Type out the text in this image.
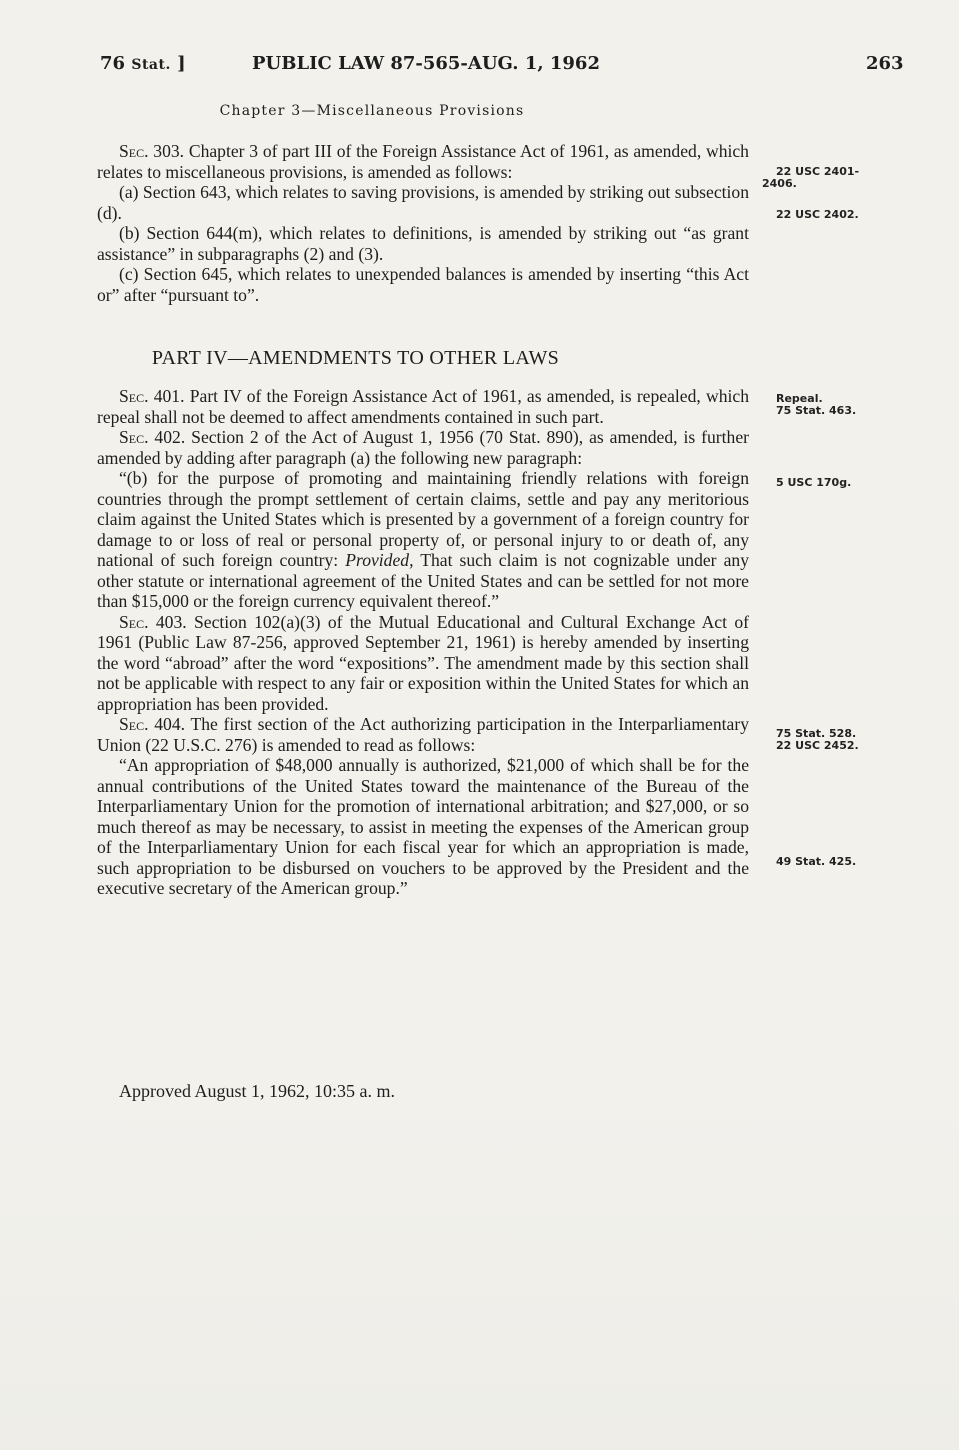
76 Stat. ]	PUBLIC LAW 87-565-AUG. 1, 1962	263
Chapter 3—Miscellaneous Provisions

Sec. 303. Chapter 3 of part III of the Foreign Assistance Act of 1961, as amended, which relates to miscellaneous provisions, is amended as follows:

(a) Section 643, which relates to saving provisions, is amended by striking out subsection (d).

(b) Section 644(m), which relates to definitions, is amended by striking out “as grant assistance” in subparagraphs (2) and (3).

(c) Section 645, which relates to unexpended balances is amended by inserting “this Act or” after “pursuant to”.

PART IV—AMENDMENTS TO OTHER LAWS

Sec. 401. Part IV of the Foreign Assistance Act of 1961, as amended, is repealed, which repeal shall not be deemed to affect amendments contained in such part.

Sec. 402. Section 2 of the Act of August 1, 1956 (70 Stat. 890), as amended, is further amended by adding after paragraph (a) the following new paragraph:

“(b) for the purpose of promoting and maintaining friendly relations with foreign countries through the prompt settlement of certain claims, settle and pay any meritorious claim against the United States which is presented by a government of a foreign country for damage to or loss of real or personal property of, or personal injury to or death of, any national of such foreign country: Provided, That such claim is not cognizable under any other statute or international agreement of the United States and can be settled for not more than $15,000 or the foreign currency equivalent thereof.”

Sec. 403. Section 102(a)(3) of the Mutual Educational and Cultural Exchange Act of 1961 (Public Law 87-256, approved September 21, 1961) is hereby amended by inserting the word “abroad” after the word “expositions”. The amendment made by this section shall not be applicable with respect to any fair or exposition within the United States for which an appropriation has been provided.

Sec. 404. The first section of the Act authorizing participation in the Interparliamentary Union (22 U.S.C. 276) is amended to read as follows:

“An appropriation of $48,000 annually is authorized, $21,000 of which shall be for the annual contributions of the United States toward the maintenance of the Bureau of the Interparliamentary Union for the promotion of international arbitration; and $27,000, or so much thereof as may be necessary, to assist in meeting the expenses of the American group of the Interparliamentary Union for each fiscal year for which an appropriation is made, such appropriation to be disbursed on vouchers to be approved by the President and the executive secretary of the American group.”

Approved August 1, 1962, 10:35 a. m.
22 USC 2401-
2406.
22 USC 2402.
Repeal.
75 Stat. 463.
5 USC 170g.
75 Stat. 528.
22 USC 2452.
49 Stat. 425.
